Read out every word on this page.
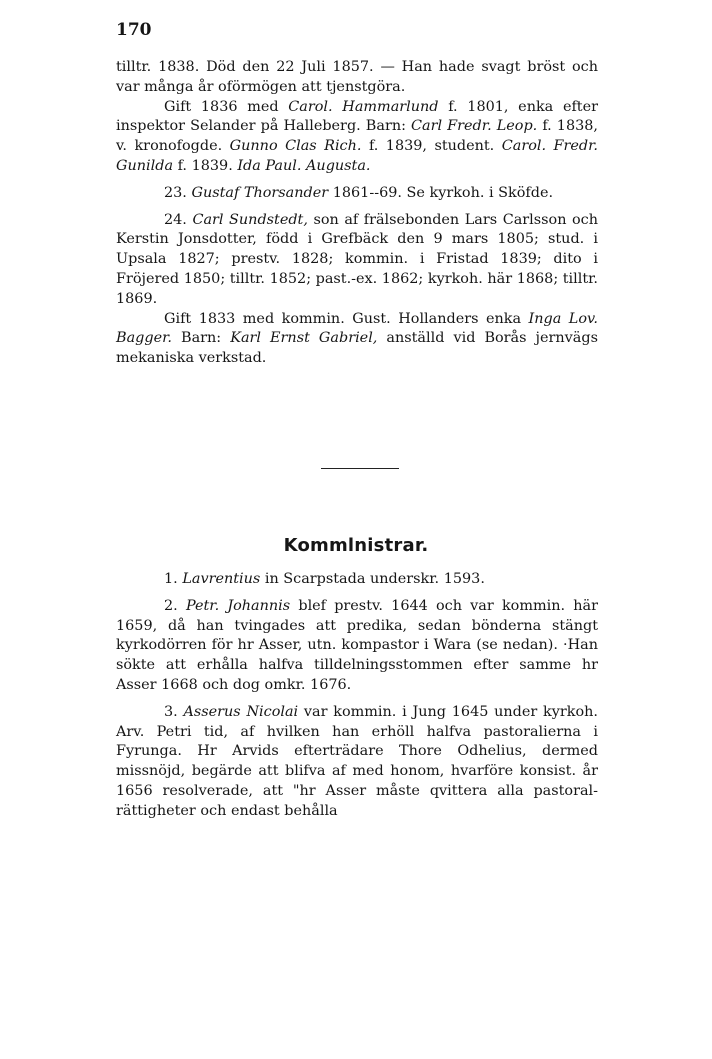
170

tilltr. 1838. Död den 22 Juli 1857. — Han hade svagt bröst och var många år oförmögen att tjenstgöra.

Gift 1836 med Carol. Hammarlund f. 1801, enka efter inspektor Selander på Halleberg. Barn: Carl Fredr. Leop. f. 1838, v. kronofogde. Gunno Clas Rich. f. 1839, student. Carol. Fredr. Gunilda f. 1839. Ida Paul. Augusta.

23. Gustaf Thorsander 1861--69. Se kyrkoh. i Sköfde.

24. Carl Sundstedt, son af frälsebonden Lars Carlsson och Kerstin Jonsdotter, född i Grefbäck den 9 mars 1805; stud. i Upsala 1827; prestv. 1828; kommin. i Fristad 1839; dito i Fröjered 1850; tilltr. 1852; past.-ex. 1862; kyrkoh. här 1868; tilltr. 1869.

Gift 1833 med kommin. Gust. Hollanders enka Inga Lov. Bagger. Barn: Karl Ernst Gabriel, anställd vid Borås jernvägs mekaniska verkstad.

Kommlnistrar.

1. Lavrentius in Scarpstada underskr. 1593.

2. Petr. Johannis blef prestv. 1644 och var kommin. här 1659, då han tvingades att predika, sedan bönderna stängt kyrkodörren för hr Asser, utn. kompastor i Wara (se nedan). ·Han sökte att erhålla halfva tilldelningsstommen efter samme hr Asser 1668 och dog omkr. 1676.

3. Asserus Nicolai var kommin. i Jung 1645 under kyrkoh. Arv. Petri tid, af hvilken han erhöll halfva pastoralierna i Fyrunga. Hr Arvids efterträdare Thore Odhelius, dermed missnöjd, begärde att blifva af med honom, hvarföre konsist. år 1656 resolverade, att "hr Asser måste qvittera alla pastoral-rättigheter och endast behålla
